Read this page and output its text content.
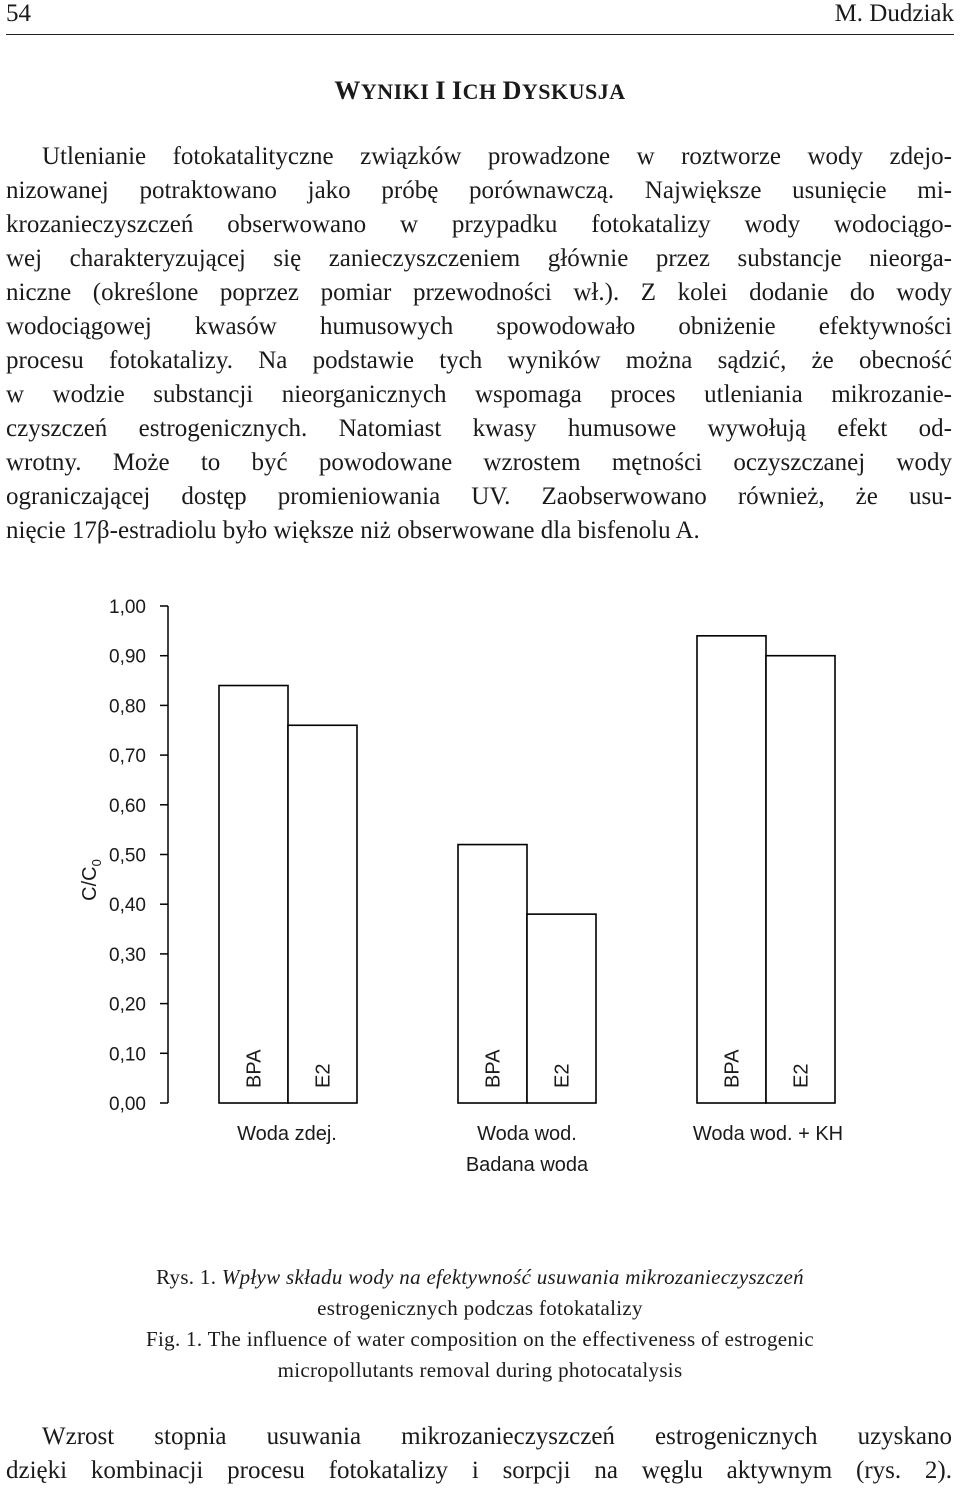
54	M. Dudziak
WYNIKI I ICH DYSKUSJA
Utlenianie fotokatalityczne związków prowadzone w roztworze wody zdejo-
nizowanej potraktowano jako próbę porównawczą. Największe usunięcie mi-
krozanieczyszczeń obserwowano w przypadku fotokatalizy wody wodociągo-
wej charakteryzującej się zanieczyszczeniem głównie przez substancje nieorga-
niczne (określone poprzez pomiar przewodności wł.). Z kolei dodanie do wody
wodociągowej kwasów humusowych spowodowało obniżenie efektywności
procesu fotokatalizy. Na podstawie tych wyników można sądzić, że obecność
w wodzie substancji nieorganicznych wspomaga proces utleniania mikrozanie-
czyszczeń estrogenicznych. Natomiast kwasy humusowe wywołują efekt od-
wrotny. Może to być powodowane wzrostem mętności oczyszczanej wody
ograniczającej dostęp promieniowania UV. Zaobserwowano również, że usu-
nięcie 17β-estradiolu było większe niż obserwowane dla bisfenolu A.
0,00
0,10
0,20
0,30
0,40
0,50
0,60
0,70
0,80
0,90
1,00
$C/C_0$
BPA E2
Woda zdej.
BPA E2
Woda wod.
BPA E2
Woda wod. + KH
Badana woda
Rys. 1. Wpływ składu wody na efektywność usuwania mikrozanieczyszczeń
estrogenicznych podczas fotokatalizy
Fig. 1. The influence of water composition on the effectiveness of estrogenic
micropollutants removal during photocatalysis
Wzrost stopnia usuwania mikrozanieczyszczeń estrogenicznych uzyskano
dzięki kombinacji procesu fotokatalizy i sorpcji na węglu aktywnym (rys. 2).
